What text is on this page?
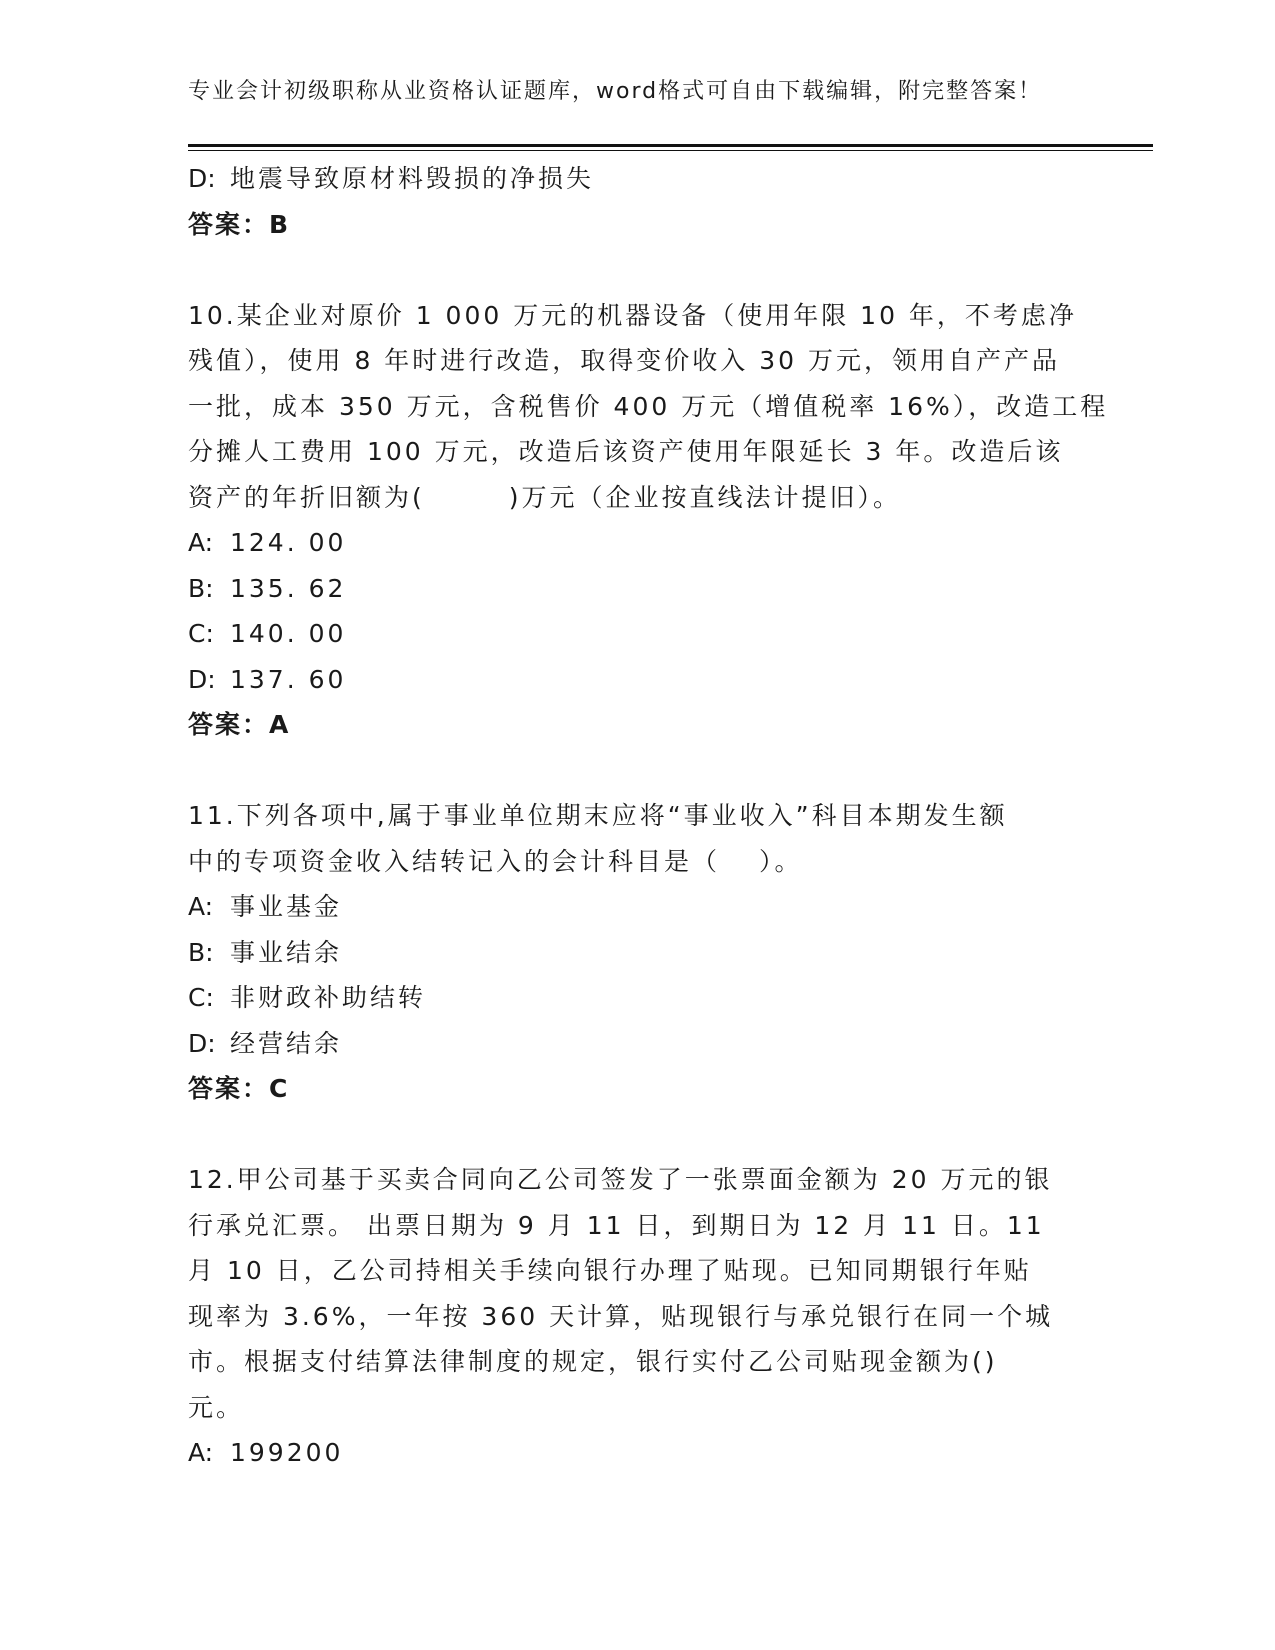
专业会计初级职称从业资格认证题库，word格式可自由下载编辑，附完整答案！
D: 地震导致原材料毁损的净损失
答案：B
10.某企业对原价 1 000 万元的机器设备（使用年限 10 年，不考虑净
残值），使用 8 年时进行改造，取得变价收入 30 万元，领用自产产品
一批，成本 350 万元，含税售价 400 万元（增值税率 16%），改造工程
分摊人工费用 100 万元，改造后该资产使用年限延长 3 年。改造后该
资产的年折旧额为(　　　)万元（企业按直线法计提旧）。
A: 124. 00
B: 135. 62
C: 140. 00
D: 137. 60
答案：A
11.下列各项中,属于事业单位期末应将“事业收入”科目本期发生额
中的专项资金收入结转记入的会计科目是（　 ）。
A: 事业基金
B: 事业结余
C: 非财政补助结转
D: 经营结余
答案：C
12.甲公司基于买卖合同向乙公司签发了一张票面金额为 20 万元的银
行承兑汇票。 出票日期为 9 月 11 日，到期日为 12 月 11 日。11
月 10 日，乙公司持相关手续向银行办理了贴现。已知同期银行年贴
现率为 3.6%，一年按 360 天计算，贴现银行与承兑银行在同一个城
市。根据支付结算法律制度的规定，银行实付乙公司贴现金额为()
元。
A: 199200
